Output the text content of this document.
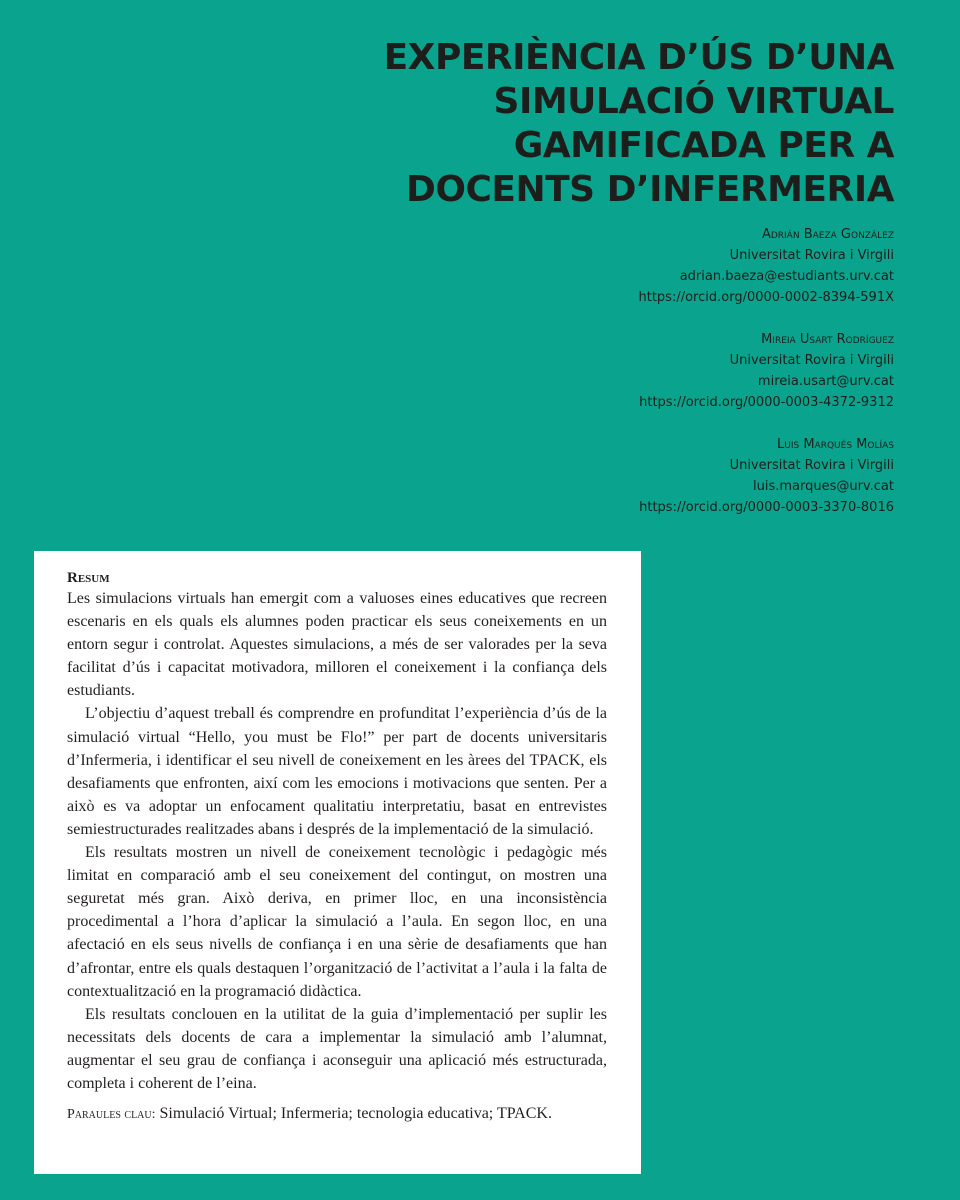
EXPERIÈNCIA D’ÚS D’UNA
SIMULACIÓ VIRTUAL
GAMIFICADA PER A
DOCENTS D’INFERMERIA
Adrián Baeza González
Universitat Rovira i Virgili
adrian.baeza@estudiants.urv.cat
https://orcid.org/0000-0002-8394-591X
Mireia Usart Rodríguez
Universitat Rovira i Virgili
mireia.usart@urv.cat
https://orcid.org/0000-0003-4372-9312
Luis Marqués Molías
Universitat Rovira i Virgili
luis.marques@urv.cat
https://orcid.org/0000-0003-3370-8016
Resum

Les simulacions virtuals han emergit com a valuoses eines educatives que recreen escenaris en els quals els alumnes poden practicar els seus coneixements en un entorn segur i controlat. Aquestes simulacions, a més de ser valorades per la seva facilitat d’ús i capacitat motivadora, milloren el coneixement i la confiança dels estudiants.

L’objectiu d’aquest treball és comprendre en profunditat l’experiència d’ús de la simulació virtual “Hello, you must be Flo!” per part de docents universitaris d’Infermeria, i identificar el seu nivell de coneixement en les àrees del TPACK, els desafiaments que enfronten, així com les emocions i motivacions que senten. Per a això es va adoptar un enfocament qualitatiu interpretatiu, basat en entrevistes semiestructurades realitzades abans i després de la implementació de la simulació.

Els resultats mostren un nivell de coneixement tecnològic i pedagògic més limitat en comparació amb el seu coneixement del contingut, on mostren una seguretat més gran. Això deriva, en primer lloc, en una inconsistència procedimental a l’hora d’aplicar la simulació a l’aula. En segon lloc, en una afectació en els seus nivells de confiança i en una sèrie de desafiaments que han d’afrontar, entre els quals destaquen l’organització de l’activitat a l’aula i la falta de contextualització en la programació didàctica.

Els resultats conclouen en la utilitat de la guia d’implementació per suplir les necessitats dels docents de cara a implementar la simulació amb l’alumnat, augmentar el seu grau de confiança i aconseguir una aplicació més estructurada, completa i coherent de l’eina.

Paraules clau: Simulació Virtual; Infermeria; tecnologia educativa; TPACK.
